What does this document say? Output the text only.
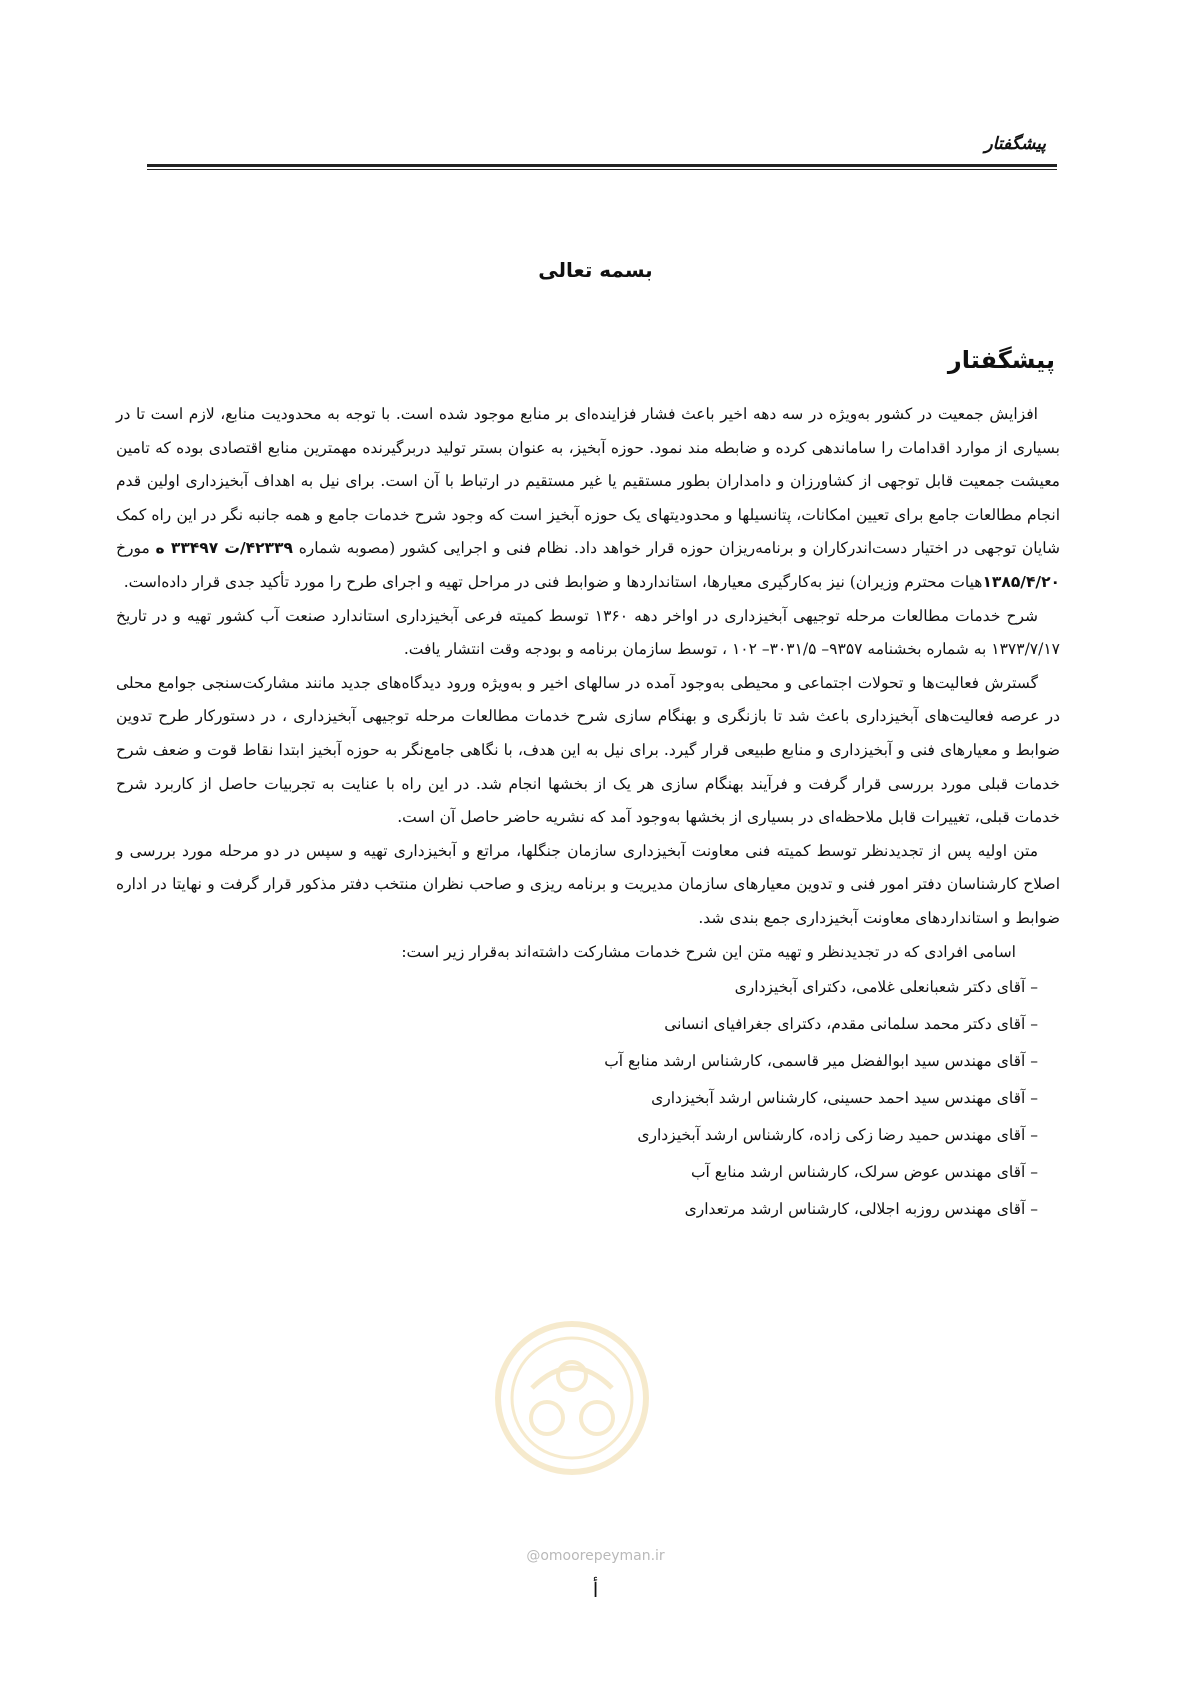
پیشگفتار
بسمه تعالی
پیشگفتار

افزایش جمعیت در کشور به‌ویژه در سه دهه اخیر باعث فشار فزاینده‌ای بر منابع موجود شده است. با توجه به محدودیت منابع، لازم است تا در بسیاری از موارد اقدامات را ساماندهی کرده و ضابطه مند نمود. حوزه آبخیز، به عنوان بستر تولید دربرگیرنده مهمترین منابع اقتصادی بوده که تامین معیشت جمعیت قابل توجهی از کشاورزان و دامداران بطور مستقیم یا غیر مستقیم در ارتباط با آن است. برای نیل به اهداف آبخیزداری اولین قدم انجام مطالعات جامع برای تعیین امکانات، پتانسیلها و محدودیتهای یک حوزه آبخیز است که وجود شرح خدمات جامع و همه جانبه نگر در این راه کمک شایان توجهی در اختیار دست‌اندرکاران و برنامه‌ریزان حوزه قرار خواهد داد. نظام فنی و اجرایی کشور (مصوبه شماره ۴۲۳۳۹/ت ۳۳۴۹۷ ه مورخ ۱۳۸۵/۴/۲۰هیات محترم وزیران) نیز به‌کارگیری معیارها، استانداردها و ضوابط فنی در مراحل تهیه و اجرای طرح را مورد تأکید جدی قرار داده‌است.

شرح خدمات مطالعات مرحله توجیهی آبخیزداری در اواخر دهه ۱۳۶۰ توسط کمیته فرعی آبخیزداری استاندارد صنعت آب کشور تهیه و در تاریخ ۱۳۷۳/۷/۱۷ به شماره بخشنامه ۹۳۵۷– ۳۰۳۱/۵– ۱۰۲ ، توسط سازمان برنامه و بودجه وقت انتشار یافت.

گسترش فعالیت‌ها و تحولات اجتماعی و محیطی به‌وجود آمده در سالهای اخیر و به‌ویژه ورود دیدگاه‌های جدید مانند مشارکت‌سنجی جوامع محلی در عرصه فعالیت‌های آبخیزداری باعث شد تا بازنگری و بهنگام سازی شرح خدمات مطالعات مرحله توجیهی آبخیزداری ، در دستورکار طرح تدوین ضوابط و معیارهای فنی و آبخیزداری و منابع طبیعی قرار گیرد. برای نیل به این هدف، با نگاهی جامع‌نگر به حوزه آبخیز ابتدا نقاط قوت و ضعف شرح خدمات قبلی مورد بررسی قرار گرفت و فرآیند بهنگام سازی هر یک از بخشها انجام شد. در این راه با عنایت به تجربیات حاصل از کاربرد شرح خدمات قبلی، تغییرات قابل ملاحظه‌ای در بسیاری از بخشها به‌وجود آمد که نشریه حاضر حاصل آن است.

متن اولیه پس از تجدیدنظر توسط کمیته فنی معاونت آبخیزداری سازمان جنگلها، مراتع و آبخیزداری تهیه و سپس در دو مرحله مورد بررسی و اصلاح کارشناسان دفتر امور فنی و تدوین معیارهای سازمان مدیریت و برنامه ریزی و صاحب نظران منتخب دفتر مذکور قرار گرفت و نهایتا در اداره ضوابط و استانداردهای معاونت آبخیزداری جمع بندی شد.

اسامی افرادی که در تجدیدنظر و تهیه متن این شرح خدمات مشارکت داشته‌اند به‌قرار زیر است:

– آقای دکتر شعبانعلی غلامی، دکترای آبخیزداری
– آقای دکتر محمد سلمانی مقدم، دکترای جغرافیای انسانی
– آقای مهندس سید ابوالفضل میر قاسمی، کارشناس ارشد منابع آب
– آقای مهندس سید احمد حسینی، کارشناس ارشد آبخیزداری
– آقای مهندس حمید رضا زکی زاده، کارشناس ارشد آبخیزداری
– آقای مهندس عوض سرلک، کارشناس ارشد منابع آب
– آقای مهندس روزبه اجلالی، کارشناس ارشد مرتعداری
@omoorepeyman.ir
أ
